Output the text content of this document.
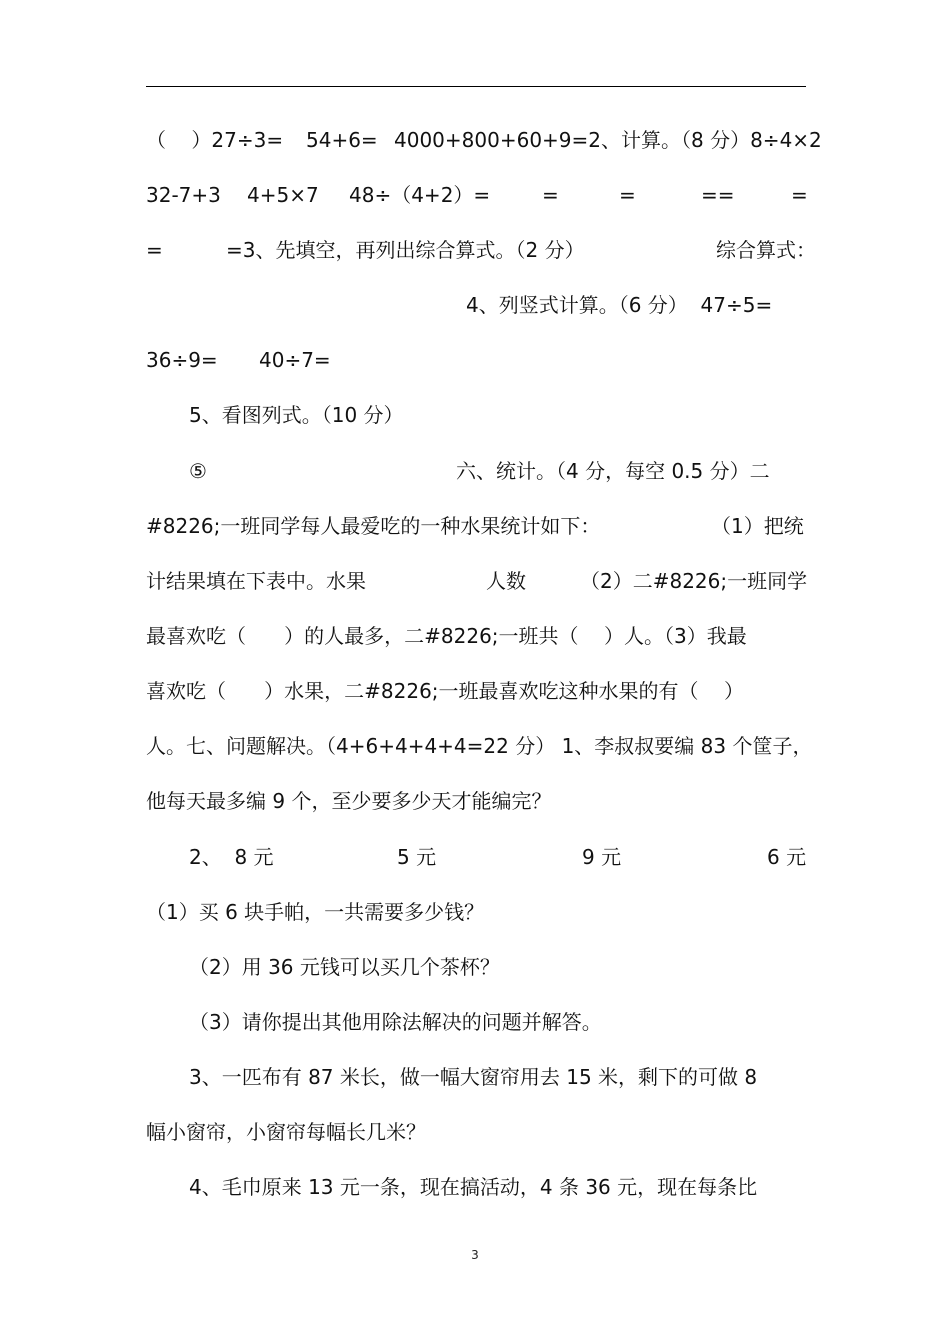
（    ）27÷3= 54+6= 4000+800+60+9=2、计算。（8 分）8÷4×2
32-7+3 4+5×7 48÷（4+2）=	=	=	==	=
=	=3、先填空，再列出综合算式。（2 分）	综合算式：
4、列竖式计算。（6 分）  47÷5=
36÷9= 40÷7=
5、看图列式。（10 分）
⑤	六、统计。（4 分，每空 0.5 分）二
#8226;一班同学每人最爱吃的一种水果统计如下：	（1）把统
计结果填在下表中。水果	人数	（2）二#8226;一班同学
最喜欢吃（      ）的人最多，二#8226;一班共（    ）人。（3）我最
喜欢吃（      ）水果，二#8226;一班最喜欢吃这种水果的有（    ）
人。七、问题解决。（4+6+4+4+4=22 分） 1、李叔叔要编 83 个筐子，
他每天最多编 9 个，至少要多少天才能编完？
2、  8 元	5 元	9 元	6 元
（1）买 6 块手帕，一共需要多少钱？
（2）用 36 元钱可以买几个茶杯？
（3）请你提出其他用除法解决的问题并解答。
3、一匹布有 87 米长，做一幅大窗帘用去 15 米，剩下的可做 8
幅小窗帘，小窗帘每幅长几米？
4、毛巾原来 13 元一条，现在搞活动，4 条 36 元，现在每条比
3
